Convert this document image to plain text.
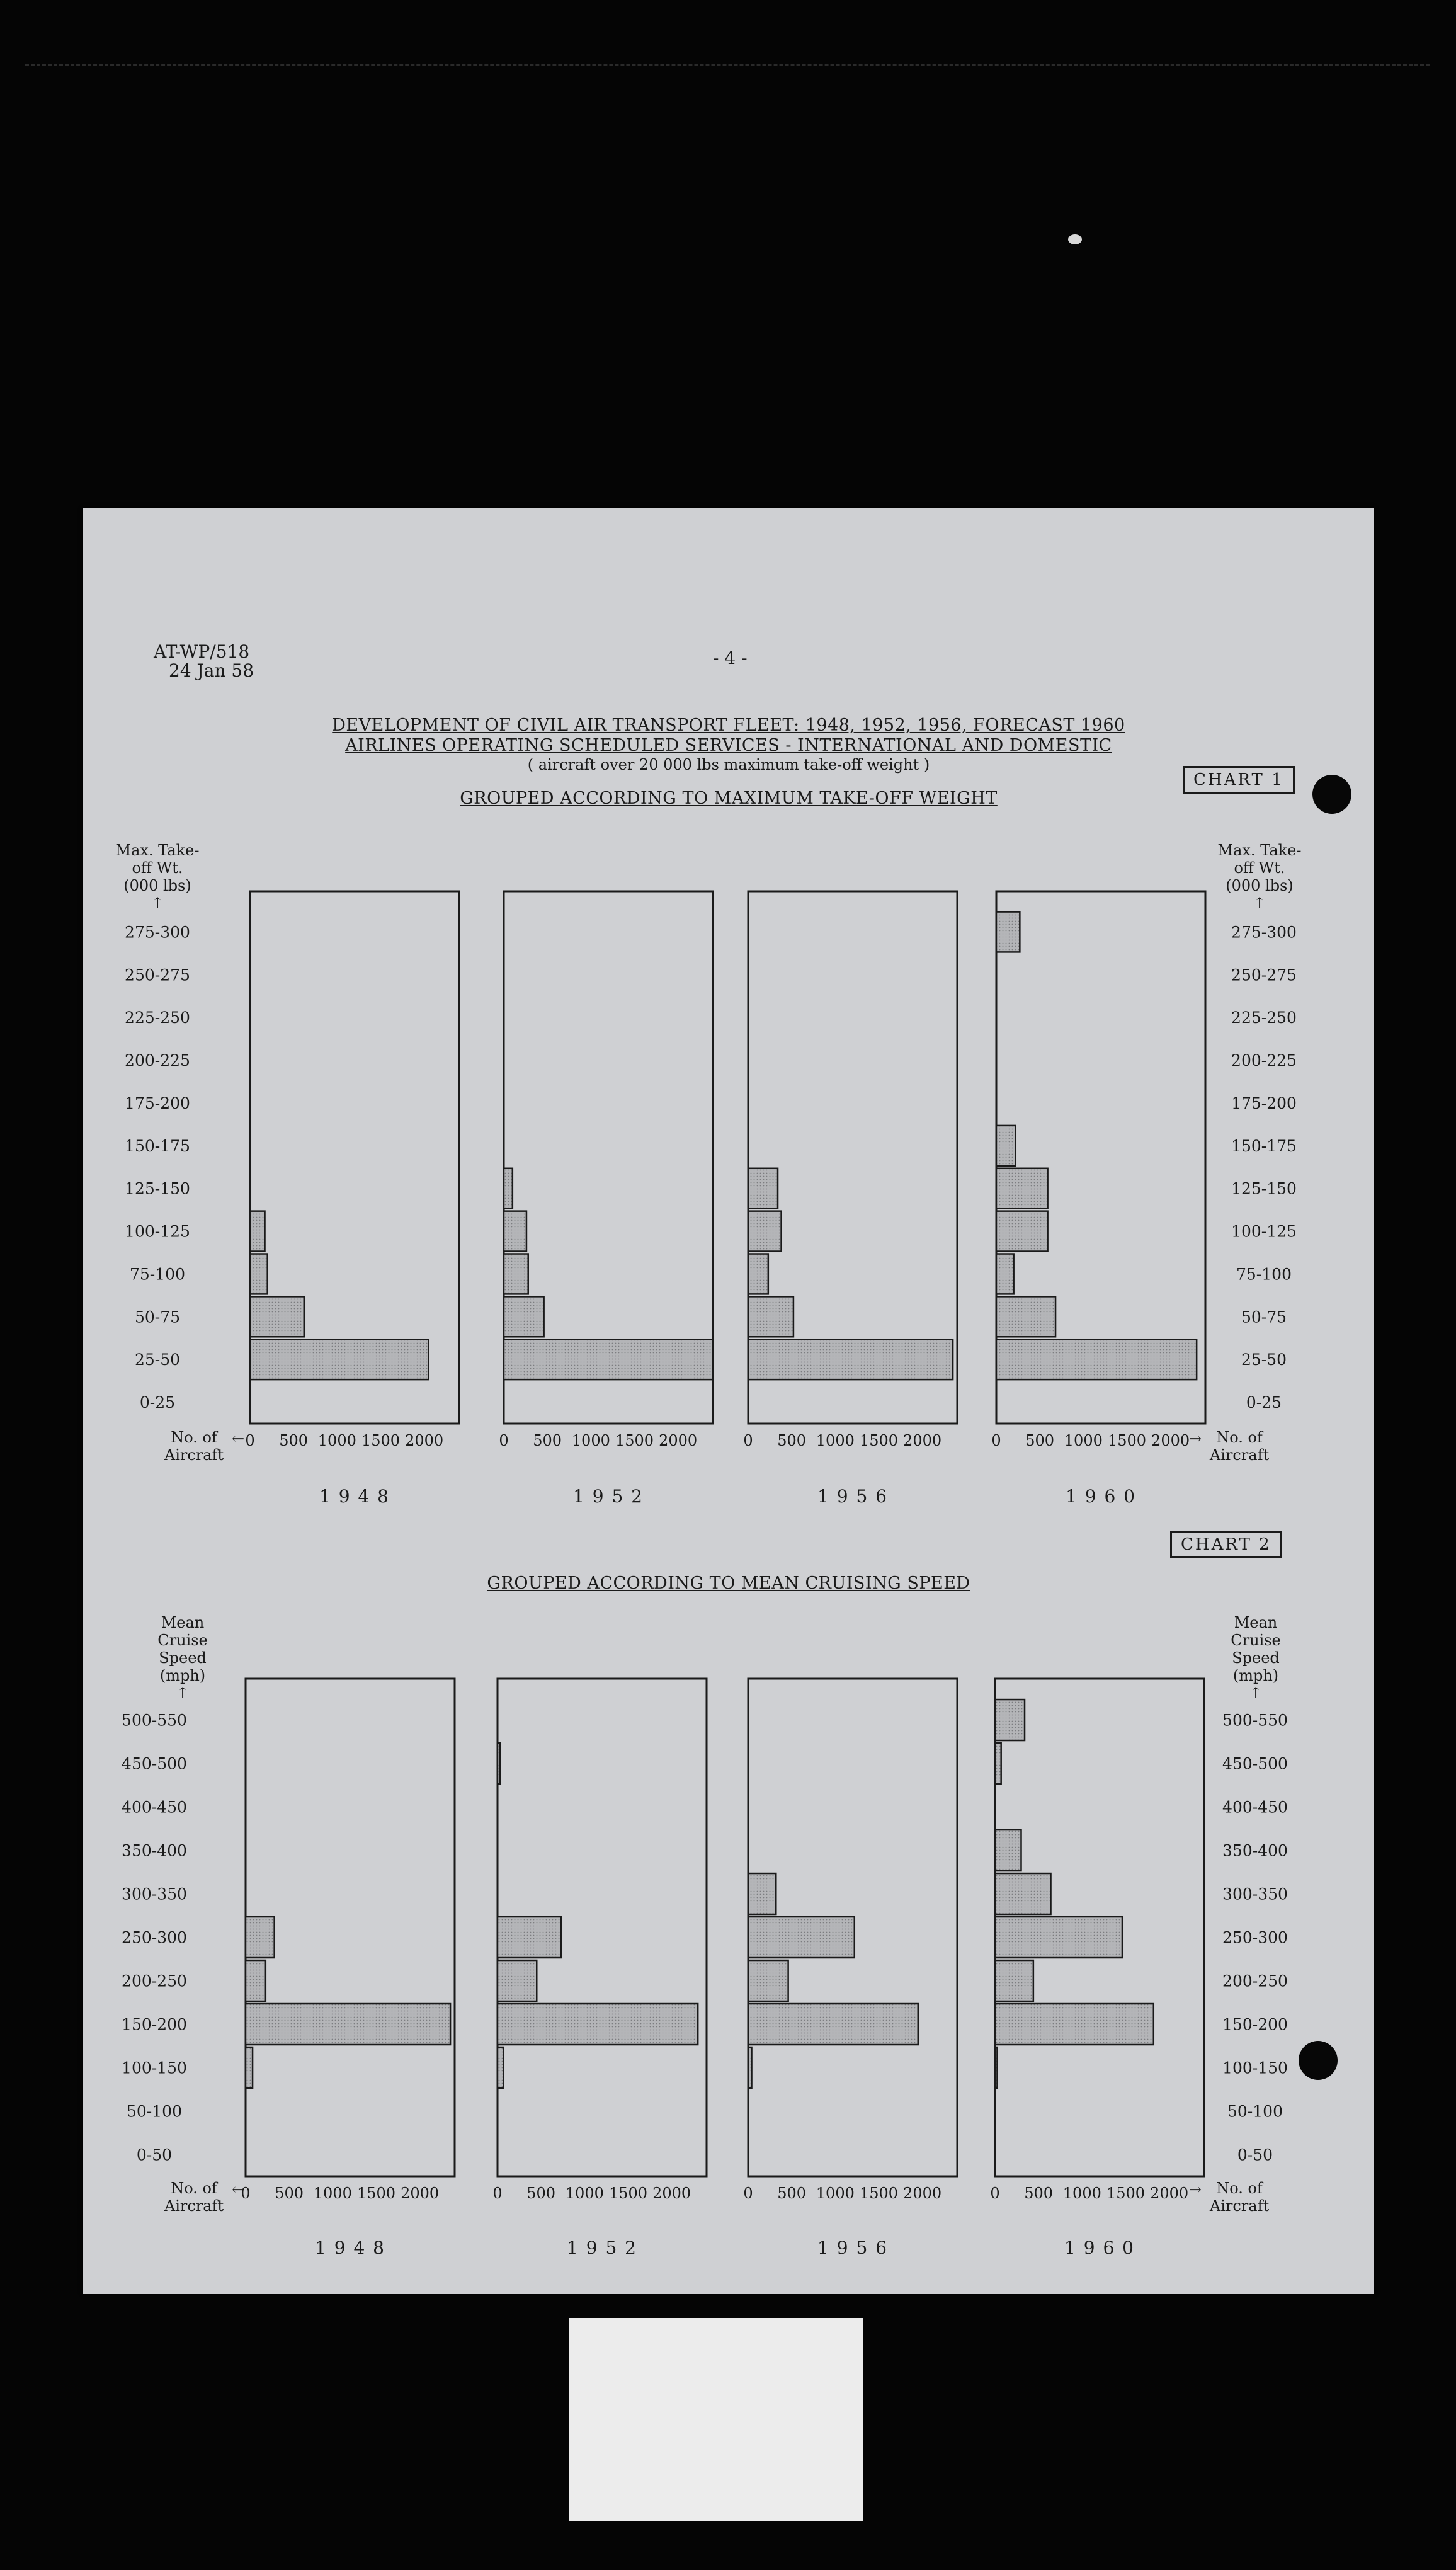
AT-WP/518
24 Jan 58
- 4 -
DEVELOPMENT OF CIVIL AIR TRANSPORT FLEET: 1948, 1952, 1956, FORECAST 1960
AIRLINES OPERATING SCHEDULED SERVICES - INTERNATIONAL AND DOMESTIC
( aircraft over 20 000 lbs maximum take-off weight )
GROUPED ACCORDING TO MAXIMUM TAKE-OFF WEIGHT
GROUPED ACCORDING TO MEAN CRUISING SPEED
CHART 1
CHART 2
0-25	0-25
25-50	25-50
50-75	50-75
75-100	75-100
100-125	100-125
125-150	125-150
150-175	150-175
175-200	175-200
200-225	200-225
225-250	225-250
250-275	250-275
275-300	275-300
Max. Take-
off Wt.
(000 lbs)
↑
Max. Take-
off Wt.
(000 lbs)
↑
No. of
Aircraft
←	No. of
Aircraft
→
0 500 1000 1500 2000
1 9 4 8
0 500 1000 1500 2000
1 9 5 2
0 500 1000 1500 2000
1 9 5 6
0 500 1000 1500 2000
1 9 6 0
0-50	0-50
50-100	50-100
100-150	100-150
150-200	150-200
200-250	200-250
250-300	250-300
300-350	300-350
350-400	350-400
400-450	400-450
450-500	450-500
500-550	500-550
Mean
Cruise
Speed
(mph)
↑
Mean
Cruise
Speed
(mph)
↑
No. of
Aircraft
←	No. of
Aircraft
→
0 500 1000 1500 2000
1 9 4 8
0 500 1000 1500 2000
1 9 5 2
0 500 1000 1500 2000
1 9 5 6
0 500 1000 1500 2000
1 9 6 0
